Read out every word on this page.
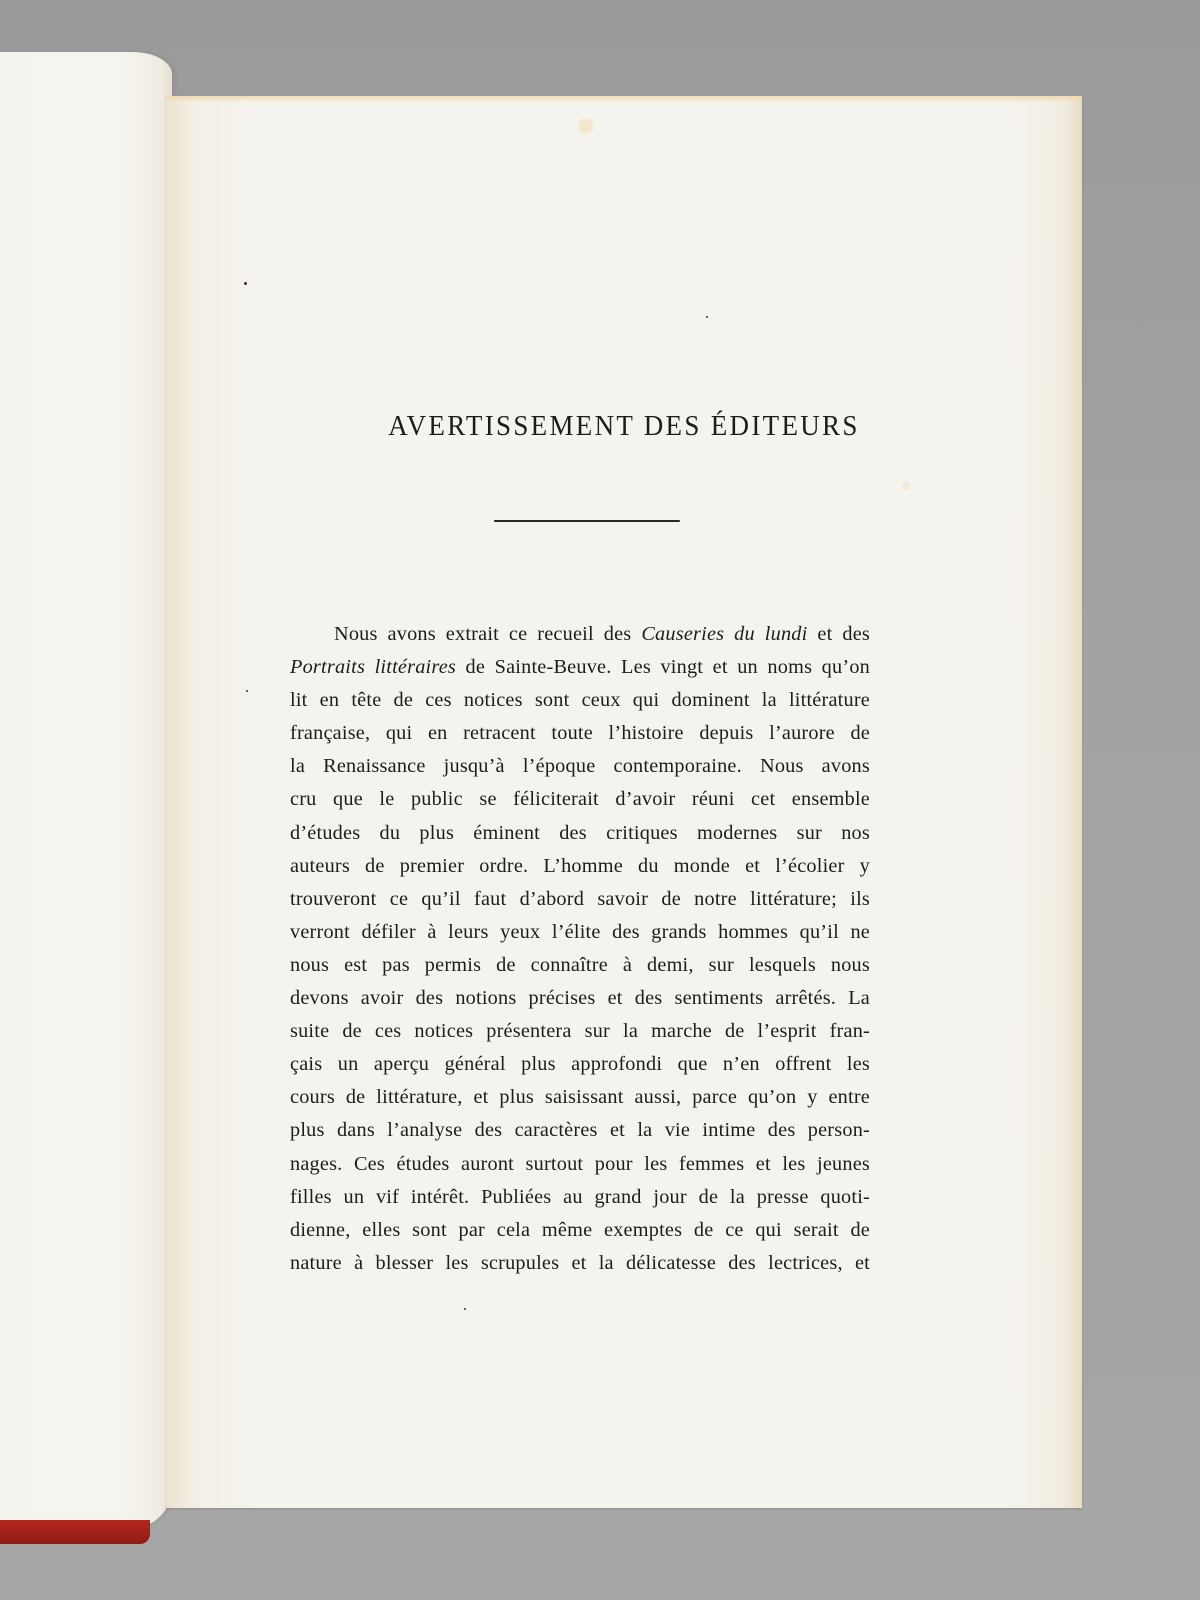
AVERTISSEMENT DES ÉDITEURS
Nous avons extrait ce recueil des Causeries du lundi et des
Portraits littéraires de Sainte-Beuve. Les vingt et un noms qu’on
lit en tête de ces notices sont ceux qui dominent la littérature
française, qui en retracent toute l’histoire depuis l’aurore de
la Renaissance jusqu’à l’époque contemporaine. Nous avons
cru que le public se féliciterait d’avoir réuni cet ensemble
d’études du plus éminent des critiques modernes sur nos
auteurs de premier ordre. L’homme du monde et l’écolier y
trouveront ce qu’il faut d’abord savoir de notre littérature; ils
verront défiler à leurs yeux l’élite des grands hommes qu’il ne
nous est pas permis de connaître à demi, sur lesquels nous
devons avoir des notions précises et des sentiments arrêtés. La
suite de ces notices présentera sur la marche de l’esprit fran-
çais un aperçu général plus approfondi que n’en offrent les
cours de littérature, et plus saisissant aussi, parce qu’on y entre
plus dans l’analyse des caractères et la vie intime des person-
nages. Ces études auront surtout pour les femmes et les jeunes
filles un vif intérêt. Publiées au grand jour de la presse quoti-
dienne, elles sont par cela même exemptes de ce qui serait de
nature à blesser les scrupules et la délicatesse des lectrices, et
